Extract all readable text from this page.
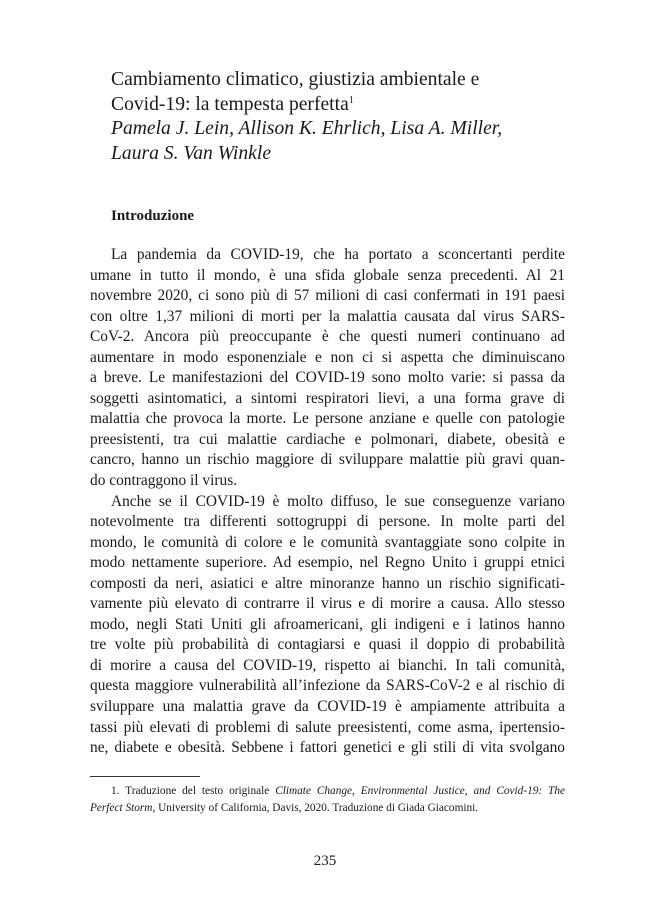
Cambiamento climatico, giustizia ambientale e
Covid-19: la tempesta perfetta$^1$
Pamela J. Lein, Allison K. Ehrlich, Lisa A. Miller,
Laura S. Van Winkle
Introduzione
La pandemia da COVID-19, che ha portato a sconcertanti perdite
umane in tutto il mondo, è una sfida globale senza precedenti. Al 21
novembre 2020, ci sono più di 57 milioni di casi confermati in 191 paesi
con oltre 1,37 milioni di morti per la malattia causata dal virus SARS-
CoV-2. Ancora più preoccupante è che questi numeri continuano ad
aumentare in modo esponenziale e non ci si aspetta che diminuiscano
a breve. Le manifestazioni del COVID-19 sono molto varie: si passa da
soggetti asintomatici, a sintomi respiratori lievi, a una forma grave di
malattia che provoca la morte. Le persone anziane e quelle con patologie
preesistenti, tra cui malattie cardiache e polmonari, diabete, obesità e
cancro, hanno un rischio maggiore di sviluppare malattie più gravi quan-
do contraggono il virus.
Anche se il COVID-19 è molto diffuso, le sue conseguenze variano
notevolmente tra differenti sottogruppi di persone. In molte parti del
mondo, le comunità di colore e le comunità svantaggiate sono colpite in
modo nettamente superiore. Ad esempio, nel Regno Unito i gruppi etnici
composti da neri, asiatici e altre minoranze hanno un rischio significati-
vamente più elevato di contrarre il virus e di morire a causa. Allo stesso
modo, negli Stati Uniti gli afroamericani, gli indigeni e i latinos hanno
tre volte più probabilità di contagiarsi e quasi il doppio di probabilità
di morire a causa del COVID-19, rispetto ai bianchi. In tali comunità,
questa maggiore vulnerabilità all’infezione da SARS-CoV-2 e al rischio di
sviluppare una malattia grave da COVID-19 è ampiamente attribuita a
tassi più elevati di problemi di salute preesistenti, come asma, ipertensio-
ne, diabete e obesità. Sebbene i fattori genetici e gli stili di vita svolgano
1. Traduzione del testo originale Climate Change, Environmental Justice, and Covid-19: The
Perfect Storm, University of California, Davis, 2020. Traduzione di Giada Giacomini.
235
